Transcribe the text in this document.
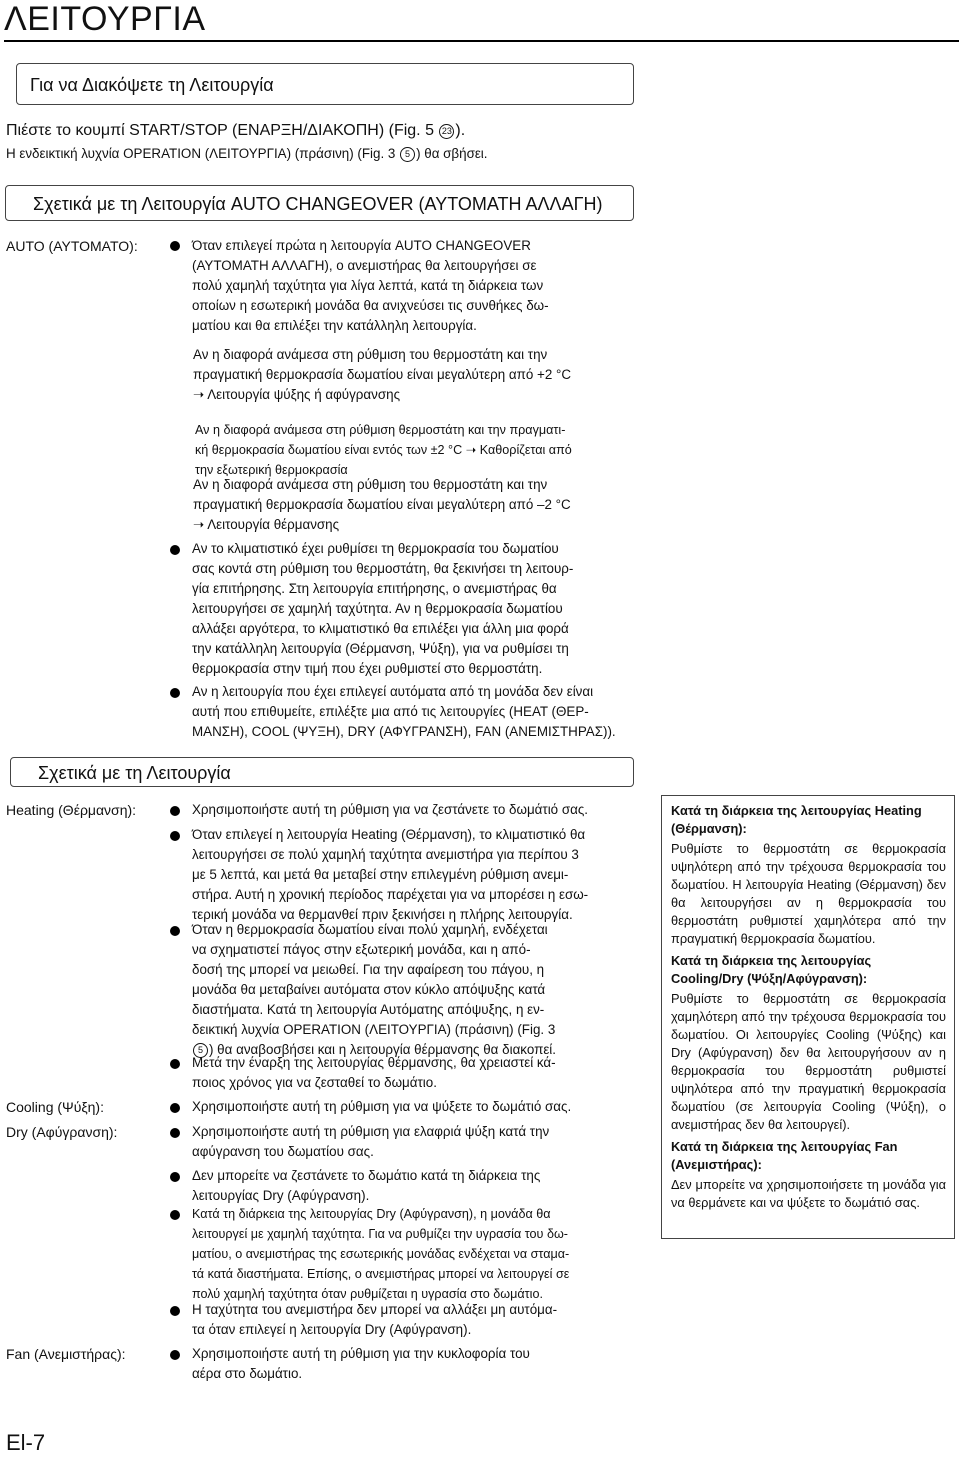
ΛΕΙΤΟΥΡΓΙΑ
Για να Διακόψετε τη Λειτουργία
Πιέστε το κουμπί START/STOP (ΕΝΑΡΞΗ/ΔΙΑΚΟΠΗ) (Fig. 5 23 ).
Η ενδεικτική λυχνία OPERATION (ΛΕΙΤΟΥΡΓΙΑ) (πράσινη) (Fig. 3 5 ) θα σβήσει.
Σχετικά με τη Λειτουργία AUTO CHANGEOVER (ΑΥΤΟΜΑΤΗ ΑΛΛΑΓΗ)
AUTO (ΑΥΤΟΜΑΤΟ):	Όταν επιλεγεί πρώτα η λειτουργία AUTO CHANGEOVER
(ΑΥΤΟΜΑΤΗ ΑΛΛΑΓΗ), ο ανεμιστήρας θα λειτουργήσει σε
πολύ χαμηλή ταχύτητα για λίγα λεπτά, κατά τη διάρκεια των
οποίων η εσωτερική μονάδα θα ανιχνεύσει τις συνθήκες δω-
ματίου και θα επιλέξει την κατάλληλη λειτουργία.
Αν η διαφορά ανάμεσα στη ρύθμιση του θερμοστάτη και την
πραγματική θερμοκρασία δωματίου είναι μεγαλύτερη από +2 °C
➝ Λειτουργία ψύξης ή αφύγρανσης
Αν η διαφορά ανάμεσα στη ρύθμιση θερμοστάτη και την πραγματι-
κή θερμοκρασία δωματίου είναι εντός των ±2 °C ➝ Καθορίζεται από
την εξωτερική θερμοκρασία
Αν η διαφορά ανάμεσα στη ρύθμιση του θερμοστάτη και την
πραγματική θερμοκρασία δωματίου είναι μεγαλύτερη από –2 °C
➝ Λειτουργία θέρμανσης
Αν το κλιματιστικό έχει ρυθμίσει τη θερμοκρασία του δωματίου
σας κοντά στη ρύθμιση του θερμοστάτη, θα ξεκινήσει τη λειτουρ-
γία επιτήρησης. Στη λειτουργία επιτήρησης, ο ανεμιστήρας θα
λειτουργήσει σε χαμηλή ταχύτητα. Αν η θερμοκρασία δωματίου
αλλάξει αργότερα, το κλιματιστικό θα επιλέξει για άλλη μια φορά
την κατάλληλη λειτουργία (Θέρμανση, Ψύξη), για να ρυθμίσει τη
θερμοκρασία στην τιμή που έχει ρυθμιστεί στο θερμοστάτη.
Αν η λειτουργία που έχει επιλεγεί αυτόματα από τη μονάδα δεν είναι
αυτή που επιθυμείτε, επιλέξτε μια από τις λειτουργίες (HEAT (ΘΕΡ-
ΜΑΝΣΗ), COOL (ΨΥΞΗ), DRY (ΑΦΥΓΡΑΝΣΗ), FAN (ΑΝΕΜΙΣΤΗΡΑΣ)).
Σχετικά με τη Λειτουργία
Heating (Θέρμανση):	Χρησιμοποιήστε αυτή τη ρύθμιση για να ζεστάνετε το δωμάτιό σας.
Όταν επιλεγεί η λειτουργία Heating (Θέρμανση), το κλιματιστικό θα
λειτουργήσει σε πολύ χαμηλή ταχύτητα ανεμιστήρα για περίπου 3
με 5 λεπτά, και μετά θα μεταβεί στην επιλεγμένη ρύθμιση ανεμι-
στήρα. Αυτή η χρονική περίοδος παρέχεται για να μπορέσει η εσω-
τερική μονάδα να θερμανθεί πριν ξεκινήσει η πλήρης λειτουργία.
Όταν η θερμοκρασία δωματίου είναι πολύ χαμηλή, ενδέχεται
να σχηματιστεί πάγος στην εξωτερική μονάδα, και η από-
δοσή της μπορεί να μειωθεί. Για την αφαίρεση του πάγου, η
μονάδα θα μεταβαίνει αυτόματα στον κύκλο απόψυξης κατά
διαστήματα. Κατά τη λειτουργία Αυτόματης απόψυξης, η εν-
δεικτική λυχνία OPERATION (ΛΕΙΤΟΥΡΓΙΑ) (πράσινη) (Fig. 3
5 ) θα αναβοσβήσει και η λειτουργία θέρμανσης θα διακοπεί.
Μετά την έναρξη της λειτουργίας θέρμανσης, θα χρειαστεί κά-
ποιος χρόνος για να ζεσταθεί το δωμάτιο.
Cooling (Ψύξη):	Χρησιμοποιήστε αυτή τη ρύθμιση για να ψύξετε το δωμάτιό σας.
Dry (Αφύγρανση):	Χρησιμοποιήστε αυτή τη ρύθμιση για ελαφριά ψύξη κατά την
αφύγρανση του δωματίου σας.
Δεν μπορείτε να ζεστάνετε το δωμάτιο κατά τη διάρκεια της
λειτουργίας Dry (Αφύγρανση).
Κατά τη διάρκεια της λειτουργίας Dry (Αφύγρανση), η μονάδα θα
λειτουργεί με χαμηλή ταχύτητα. Για να ρυθμίζει την υγρασία του δω-
ματίου, ο ανεμιστήρας της εσωτερικής μονάδας ενδέχεται να σταμα-
τά κατά διαστήματα. Επίσης, ο ανεμιστήρας μπορεί να λειτουργεί σε
πολύ χαμηλή ταχύτητα όταν ρυθμίζεται η υγρασία στο δωμάτιο.
Η ταχύτητα του ανεμιστήρα δεν μπορεί να αλλάξει μη αυτόμα-
τα όταν επιλεγεί η λειτουργία Dry (Αφύγρανση).
Fan (Ανεμιστήρας):	Χρησιμοποιήστε αυτή τη ρύθμιση για την κυκλοφορία του
αέρα στο δωμάτιο.

Κατά τη διάρκεια της λειτουργίας Heating (Θέρμανση):

Ρυθμίστε το θερμοστάτη σε θερμοκρασία υψηλότερη από την τρέχουσα θερμοκρασία του δωματίου. Η λειτουργία Heating (Θέρμανση) δεν θα λειτουργήσει αν η θερμοκρασία του θερμοστάτη ρυθμιστεί χαμηλότερα από την πραγματική θερμοκρασία δωματίου.

Κατά τη διάρκεια της λειτουργίας Cooling/Dry (Ψύξη/Αφύγρανση):

Ρυθμίστε το θερμοστάτη σε θερμοκρασία χαμηλότερη από την τρέχουσα θερμοκρασία του δωματίου. Οι λειτουργίες Cooling (Ψύξης) και Dry (Αφύγρανση) δεν θα λειτουργήσουν αν η θερμοκρασία του θερμοστάτη ρυθμιστεί υψηλότερα από την πραγματική θερμοκρασία δωματίου (σε λειτουργία Cooling (Ψύξη), ο ανεμιστήρας δεν θα λειτουργεί).

Κατά τη διάρκεια της λειτουργίας Fan (Ανεμιστήρας):

Δεν μπορείτε να χρησιμοποιήσετε τη μονάδα για να θερμάνετε και να ψύξετε το δωμάτιό σας.

El-7
